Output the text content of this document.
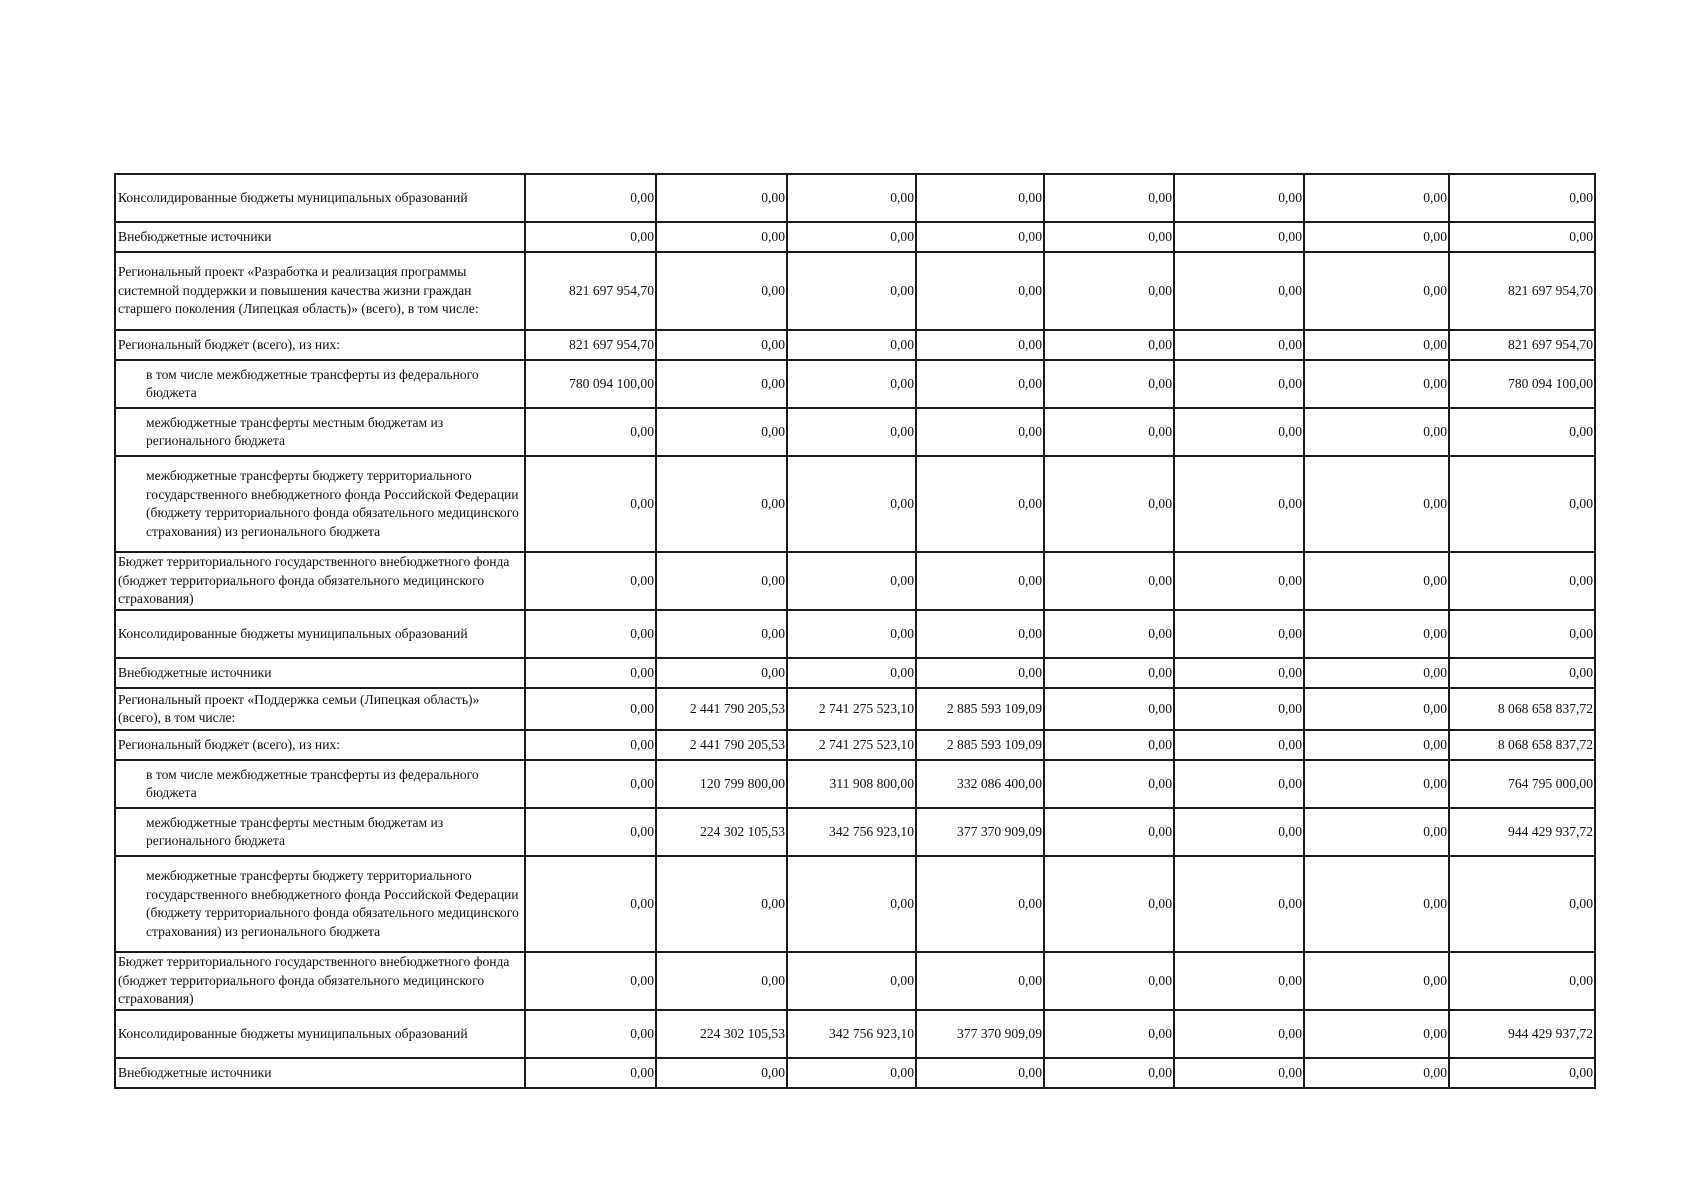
Консолидированные бюджеты муниципальных образований	0,00	0,00	0,00	0,00	0,00	0,00	0,00	0,00
Внебюджетные источники	0,00	0,00	0,00	0,00	0,00	0,00	0,00	0,00
Региональный проект «Разработка и реализация программы системной поддержки и повышения качества жизни граждан старшего поколения (Липецкая область)» (всего), в том числе:	821 697 954,70	0,00	0,00	0,00	0,00	0,00	0,00	821 697 954,70
Региональный бюджет (всего), из них:	821 697 954,70	0,00	0,00	0,00	0,00	0,00	0,00	821 697 954,70
в том числе межбюджетные трансферты из федерального бюджета	780 094 100,00	0,00	0,00	0,00	0,00	0,00	0,00	780 094 100,00
межбюджетные трансферты местным бюджетам из регионального бюджета	0,00	0,00	0,00	0,00	0,00	0,00	0,00	0,00
межбюджетные трансферты бюджету территориального государственного внебюджетного фонда Российской Федерации (бюджету территориального фонда обязательного медицинского страхования) из регионального бюджета	0,00	0,00	0,00	0,00	0,00	0,00	0,00	0,00
Бюджет территориального государственного внебюджетного фонда (бюджет территориального фонда обязательного медицинского страхования)	0,00	0,00	0,00	0,00	0,00	0,00	0,00	0,00
Консолидированные бюджеты муниципальных образований	0,00	0,00	0,00	0,00	0,00	0,00	0,00	0,00
Внебюджетные источники	0,00	0,00	0,00	0,00	0,00	0,00	0,00	0,00
Региональный проект «Поддержка семьи (Липецкая область)» (всего), в том числе:	0,00	2 441 790 205,53	2 741 275 523,10	2 885 593 109,09	0,00	0,00	0,00	8 068 658 837,72
Региональный бюджет (всего), из них:	0,00	2 441 790 205,53	2 741 275 523,10	2 885 593 109,09	0,00	0,00	0,00	8 068 658 837,72
в том числе межбюджетные трансферты из федерального бюджета	0,00	120 799 800,00	311 908 800,00	332 086 400,00	0,00	0,00	0,00	764 795 000,00
межбюджетные трансферты местным бюджетам из регионального бюджета	0,00	224 302 105,53	342 756 923,10	377 370 909,09	0,00	0,00	0,00	944 429 937,72
межбюджетные трансферты бюджету территориального государственного внебюджетного фонда Российской Федерации (бюджету территориального фонда обязательного медицинского страхования) из регионального бюджета	0,00	0,00	0,00	0,00	0,00	0,00	0,00	0,00
Бюджет территориального государственного внебюджетного фонда (бюджет территориального фонда обязательного медицинского страхования)	0,00	0,00	0,00	0,00	0,00	0,00	0,00	0,00
Консолидированные бюджеты муниципальных образований	0,00	224 302 105,53	342 756 923,10	377 370 909,09	0,00	0,00	0,00	944 429 937,72
Внебюджетные источники	0,00	0,00	0,00	0,00	0,00	0,00	0,00	0,00
